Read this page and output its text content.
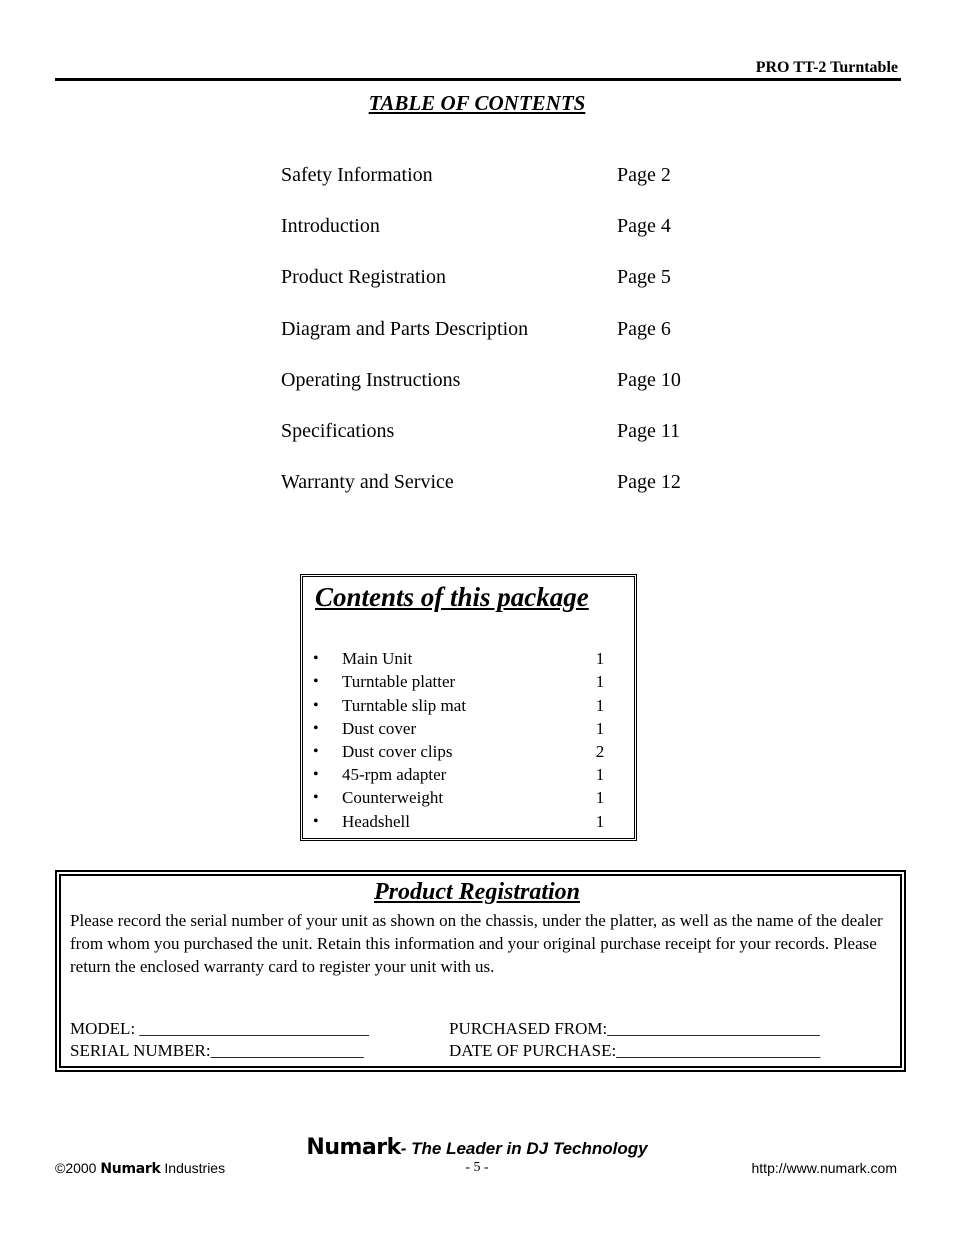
PRO TT-2 Turntable
TABLE OF CONTENTS
Safety Information	Page 2
Introduction	Page 4
Product Registration	Page 5
Diagram and Parts Description	Page 6
Operating Instructions	Page 10
Specifications	Page 11
Warranty and Service	Page 12
Contents of this package
• Main Unit	1
• Turntable platter	1
• Turntable slip mat	1
• Dust cover	1
• Dust cover clips	2
• 45-rpm adapter	1
• Counterweight	1
• Headshell	1
Product Registration
Please record the serial number of your unit as shown on the chassis, under the platter, as well as the name of the dealer from whom you purchased the unit. Retain this information and your original purchase receipt for your records. Please return the enclosed warranty card to register your unit with us.
MODEL: ___________________________	PURCHASED FROM:_________________________
SERIAL NUMBER:__________________	DATE OF PURCHASE:________________________
Numark- The Leader in DJ Technology
©2000 Numark Industries	- 5 -	http://www.numark.com
